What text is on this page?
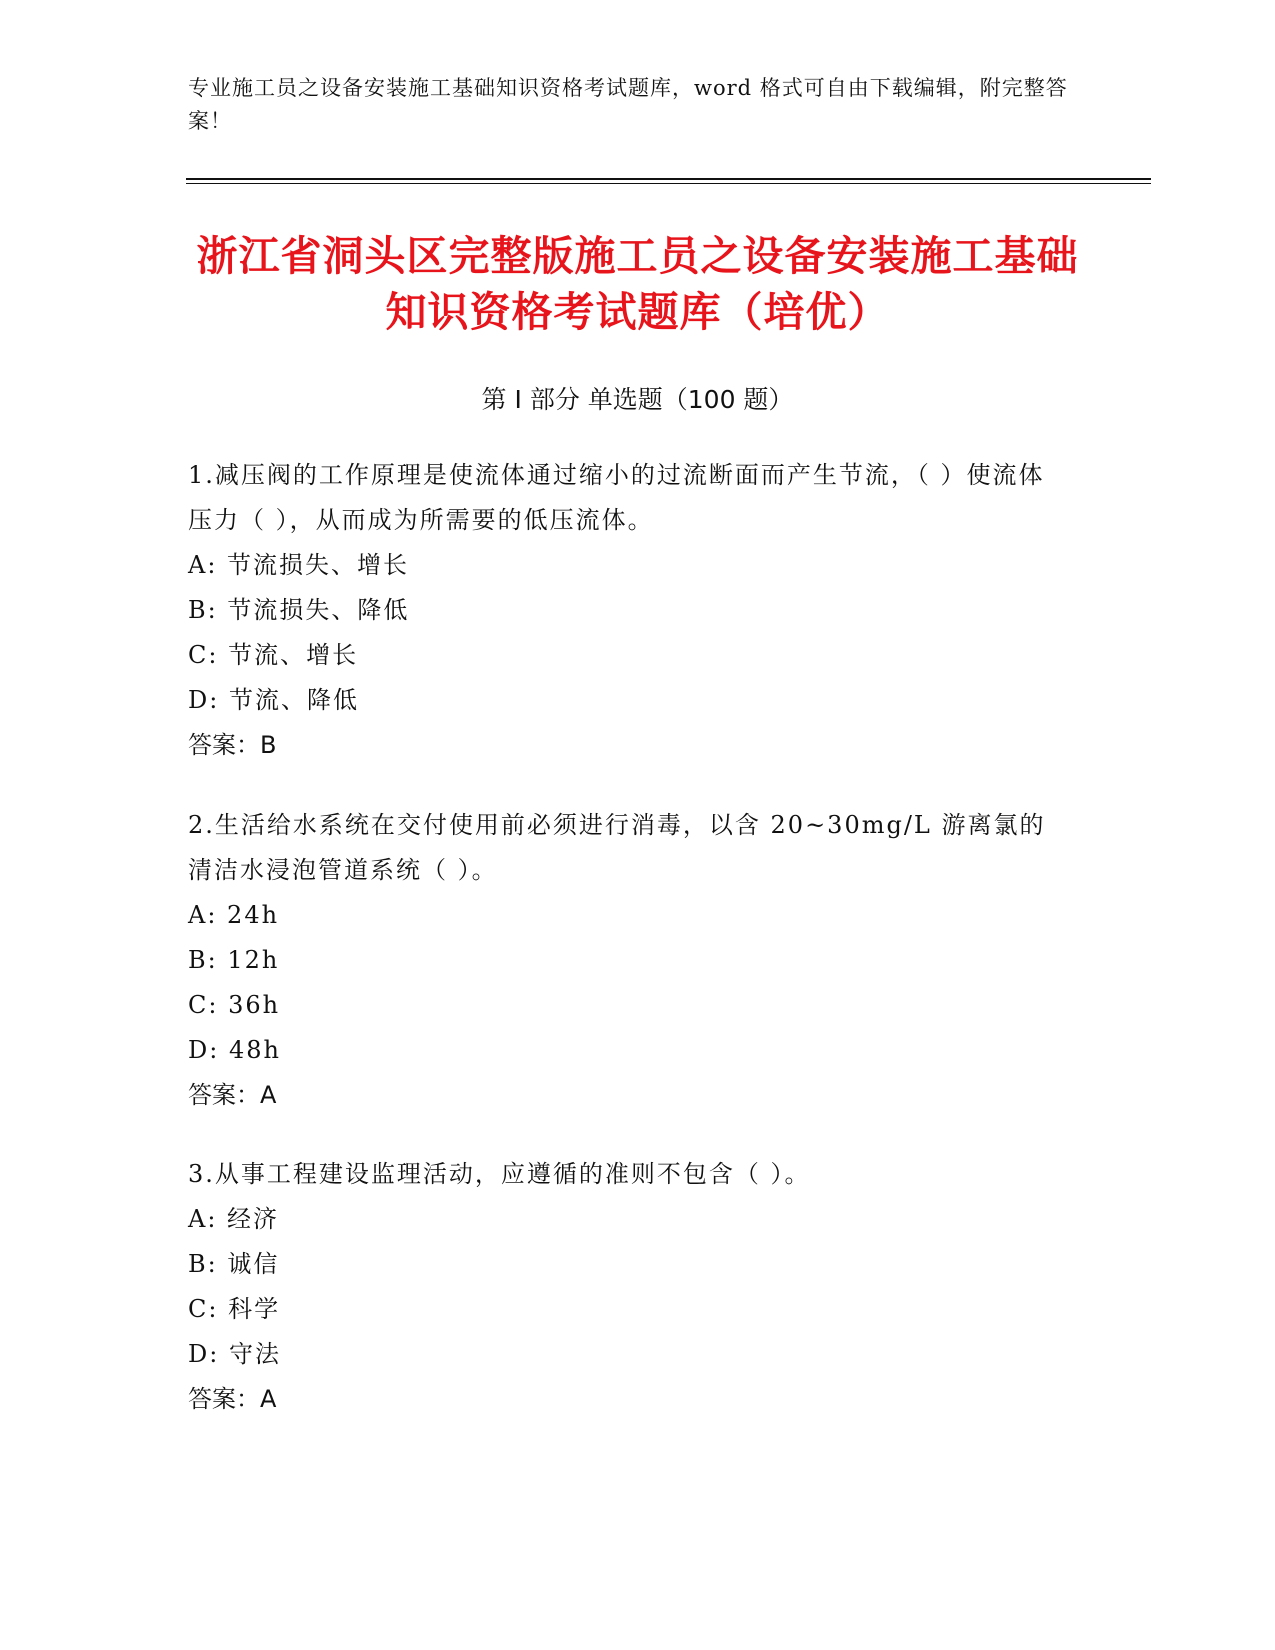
专业施工员之设备安装施工基础知识资格考试题库，word 格式可自由下载编辑，附完整答案！
浙江省洞头区完整版施工员之设备安装施工基础知识资格考试题库（培优）
第 I 部分 单选题（100 题）

1.减压阀的工作原理是使流体通过缩小的过流断面而产生节流，（ ）使流体压力（ ），从而成为所需要的低压流体。

A: 节流损失、增长

B: 节流损失、降低

C: 节流、增长

D: 节流、降低

答案：B

2.生活给水系统在交付使用前必须进行消毒，以含 20~30mg/L 游离氯的清洁水浸泡管道系统（ ）。

A: 24h

B: 12h

C: 36h

D: 48h

答案：A

3.从事工程建设监理活动，应遵循的准则不包含（ ）。

A: 经济

B: 诚信

C: 科学

D: 守法

答案：A
